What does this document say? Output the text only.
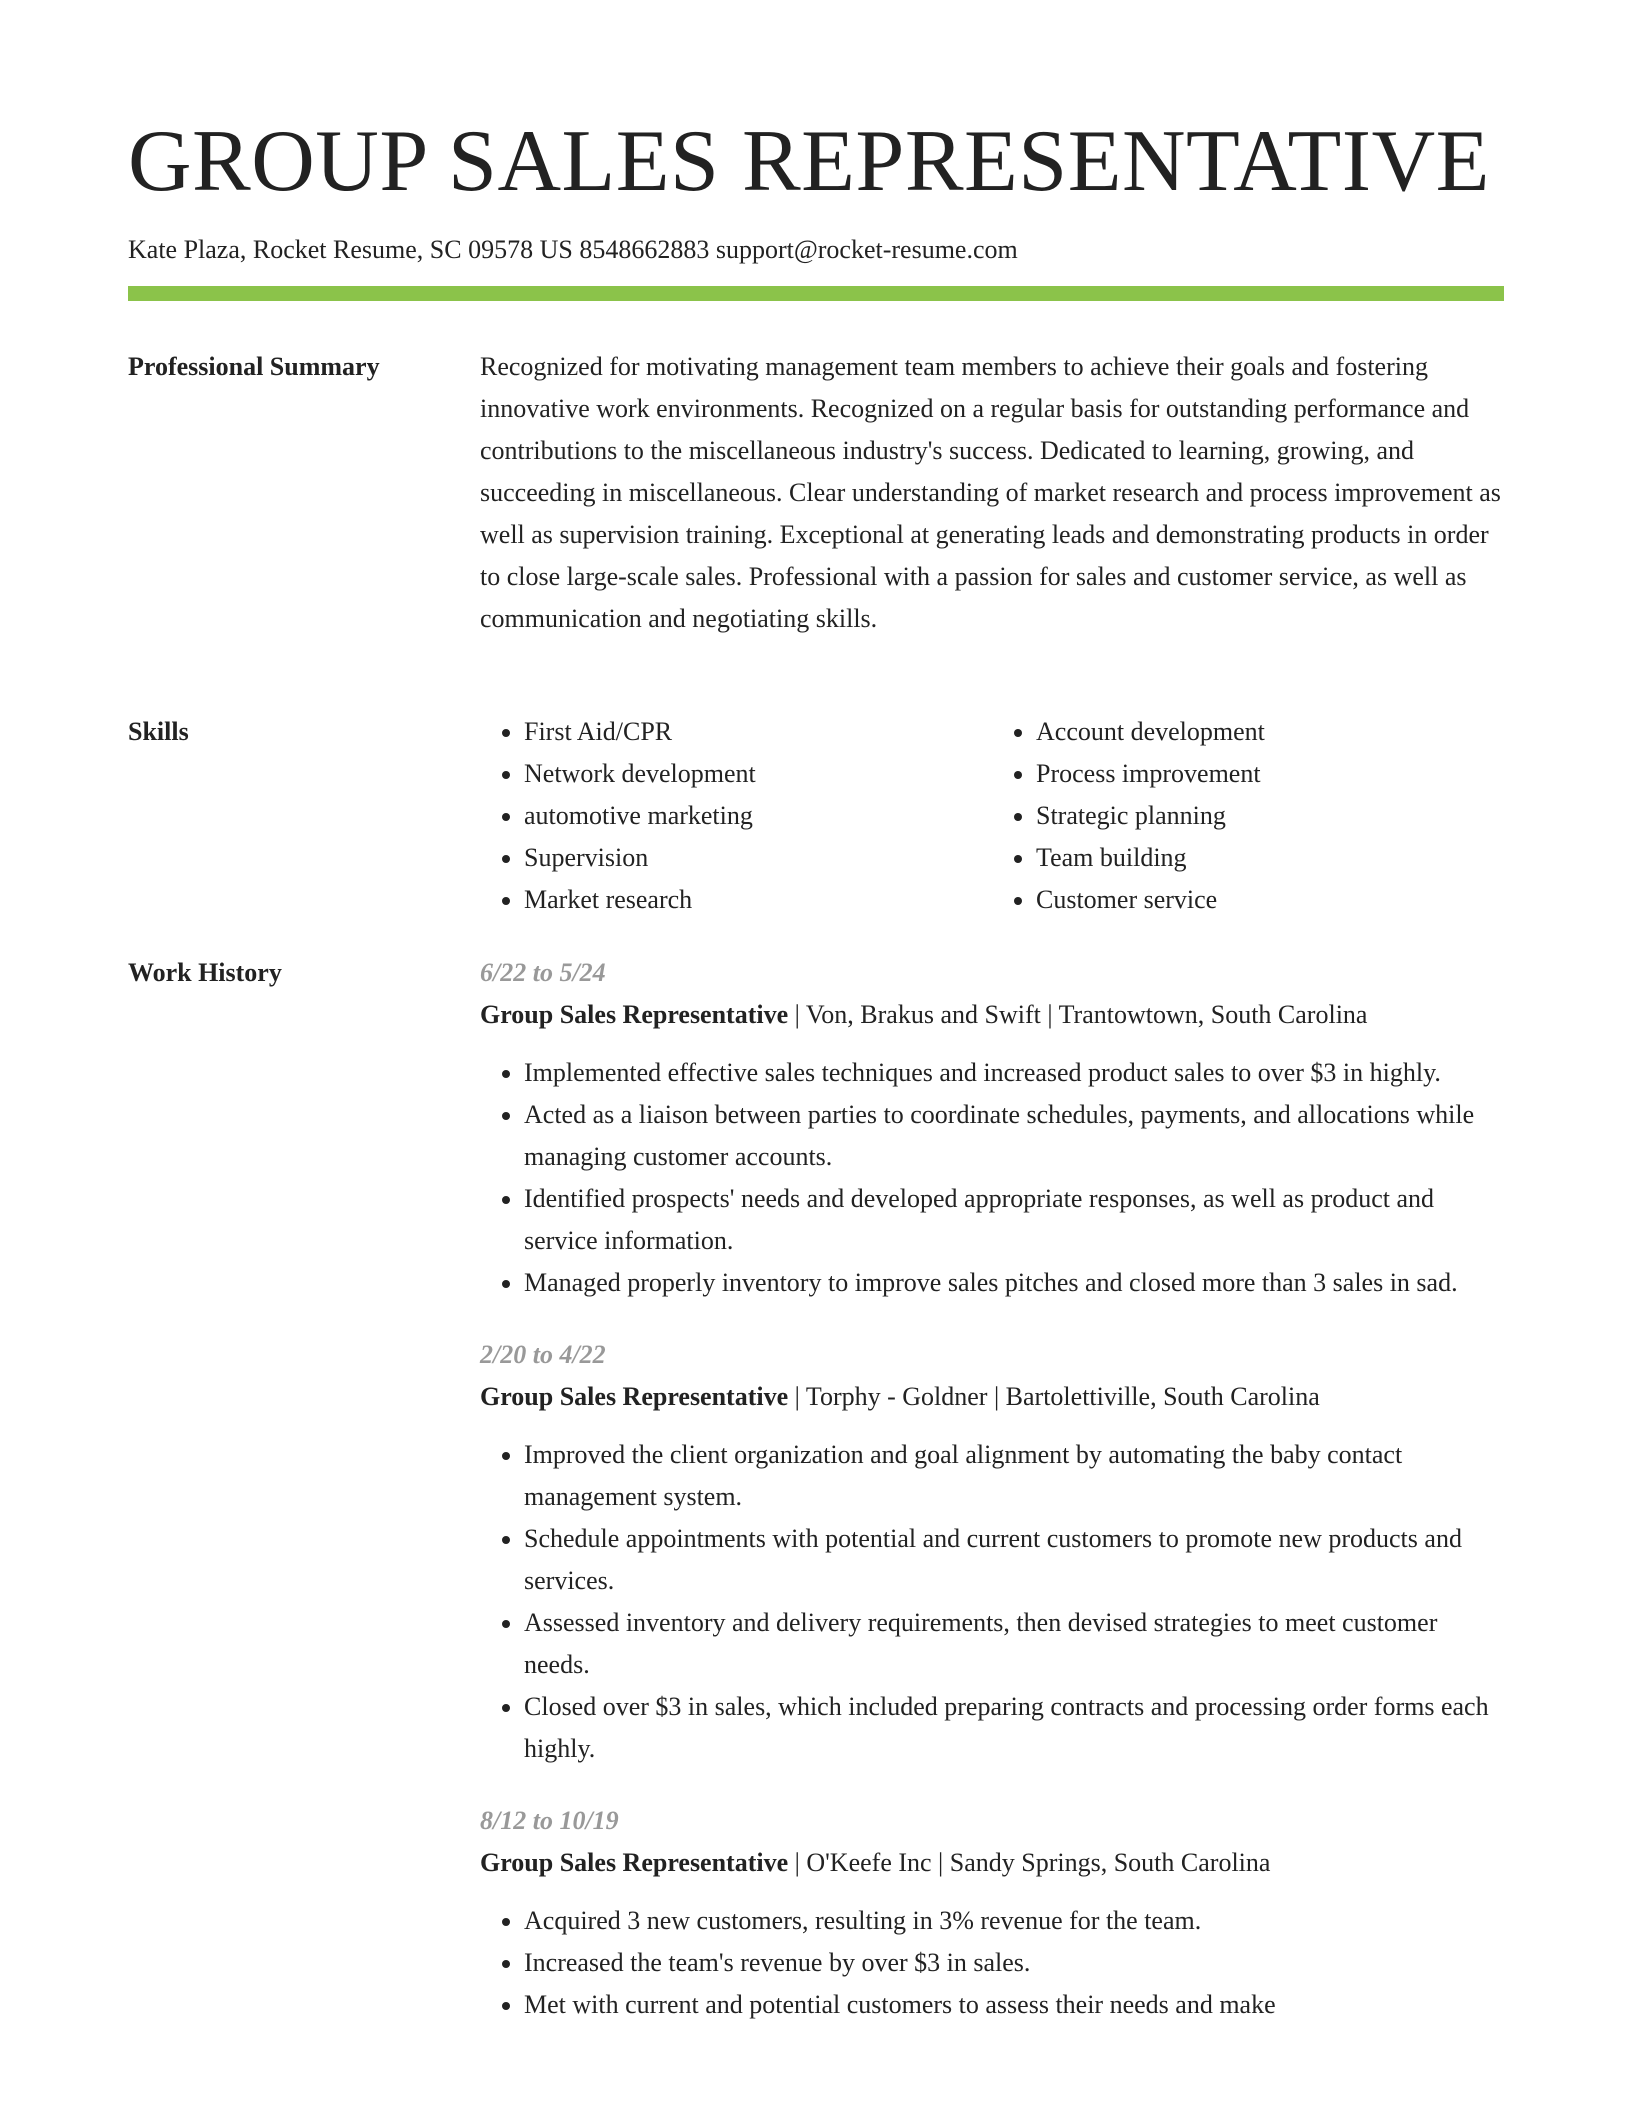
GROUP SALES REPRESENTATIVE
Kate Plaza, Rocket Resume, SC 09578 US 8548662883 support@rocket-resume.com
Professional Summary	Recognized for motivating management team members to achieve their goals and fostering innovative work environments. Recognized on a regular basis for outstanding performance and contributions to the miscellaneous industry's success. Dedicated to learning, growing, and succeeding in miscellaneous. Clear understanding of market research and process improvement as well as supervision training. Exceptional at generating leads and demonstrating products in order to close large-scale sales. Professional with a passion for sales and customer service, as well as communication and negotiating skills.

Skills
•	First Aid/CPR
• Network development
• automotive marketing
• Supervision
• Market research
• Account development
• Process improvement
• Strategic planning
• Team building
• Customer service
Work History	6/22 to 5/24
Group Sales Representative | Von, Brakus and Swift | Trantowtown, South Carolina
• Implemented effective sales techniques and increased product sales to over $3 in highly.
• Acted as a liaison between parties to coordinate schedules, payments, and allocations while managing customer accounts.
• Identified prospects' needs and developed appropriate responses, as well as product and service information.
• Managed properly inventory to improve sales pitches and closed more than 3 sales in sad.
2/20 to 4/22
Group Sales Representative | Torphy - Goldner | Bartolettiville, South Carolina
• Improved the client organization and goal alignment by automating the baby contact management system.
• Schedule appointments with potential and current customers to promote new products and services.
• Assessed inventory and delivery requirements, then devised strategies to meet customer needs.
• Closed over $3 in sales, which included preparing contracts and processing order forms each highly.
8/12 to 10/19
Group Sales Representative | O'Keefe Inc | Sandy Springs, South Carolina
• Acquired 3 new customers, resulting in 3% revenue for the team.
• Increased the team's revenue by over $3 in sales.
• Met with current and potential customers to assess their needs and make
